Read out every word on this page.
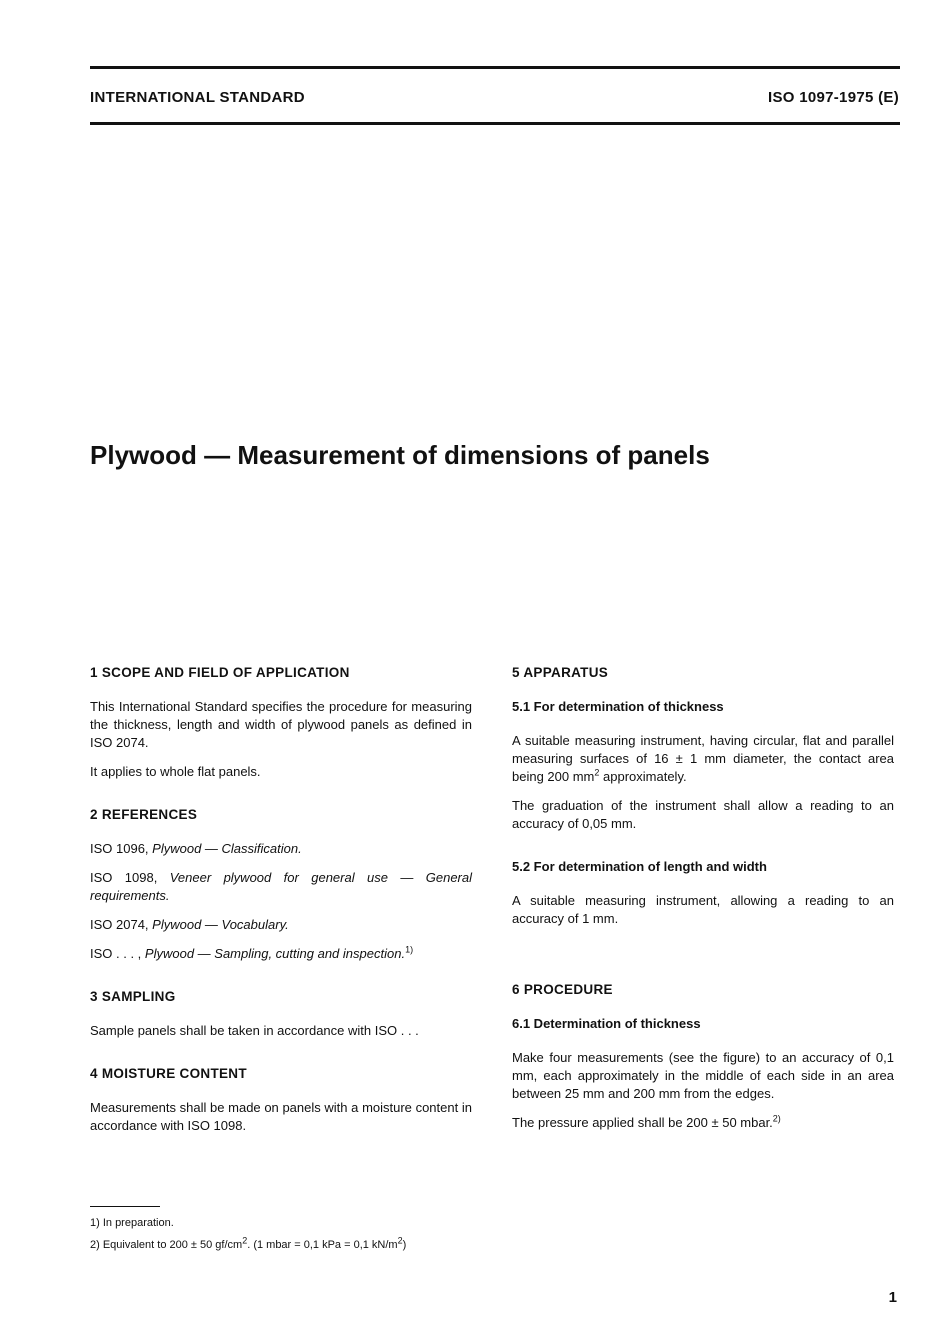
INTERNATIONAL STANDARD	ISO 1097-1975 (E)
Plywood — Measurement of dimensions of panels
1 SCOPE AND FIELD OF APPLICATION

This International Standard specifies the procedure for measuring the thickness, length and width of plywood panels as defined in ISO 2074.

It applies to whole flat panels.

2 REFERENCES

ISO 1096, Plywood — Classification.

ISO 1098, Veneer plywood for general use — General requirements.

ISO 2074, Plywood — Vocabulary.

ISO . . . , Plywood — Sampling, cutting and inspection.$^{1)}$

3 SAMPLING

Sample panels shall be taken in accordance with ISO . . .

4 MOISTURE CONTENT

Measurements shall be made on panels with a moisture content in accordance with ISO 1098.

5 APPARATUS
5.1 For determination of thickness

A suitable measuring instrument, having circular, flat and parallel measuring surfaces of 16 ± 1 mm diameter, the contact area being 200 $mm^2$ approximately.

The graduation of the instrument shall allow a reading to an accuracy of 0,05 mm.

5.2 For determination of length and width

A suitable measuring instrument, allowing a reading to an accuracy of 1 mm.

6 PROCEDURE
6.1 Determination of thickness

Make four measurements (see the figure) to an accuracy of 0,1 mm, each approximately in the middle of each side in an area between 25 mm and 200 mm from the edges.

The pressure applied shall be 200 ± 50 mbar.$^{2)}$

1) In preparation.
2) Equivalent to 200 ± 50 $gf/cm^2$. (1 mbar = 0,1 kPa = 0,1 $kN/m^2$)
1
